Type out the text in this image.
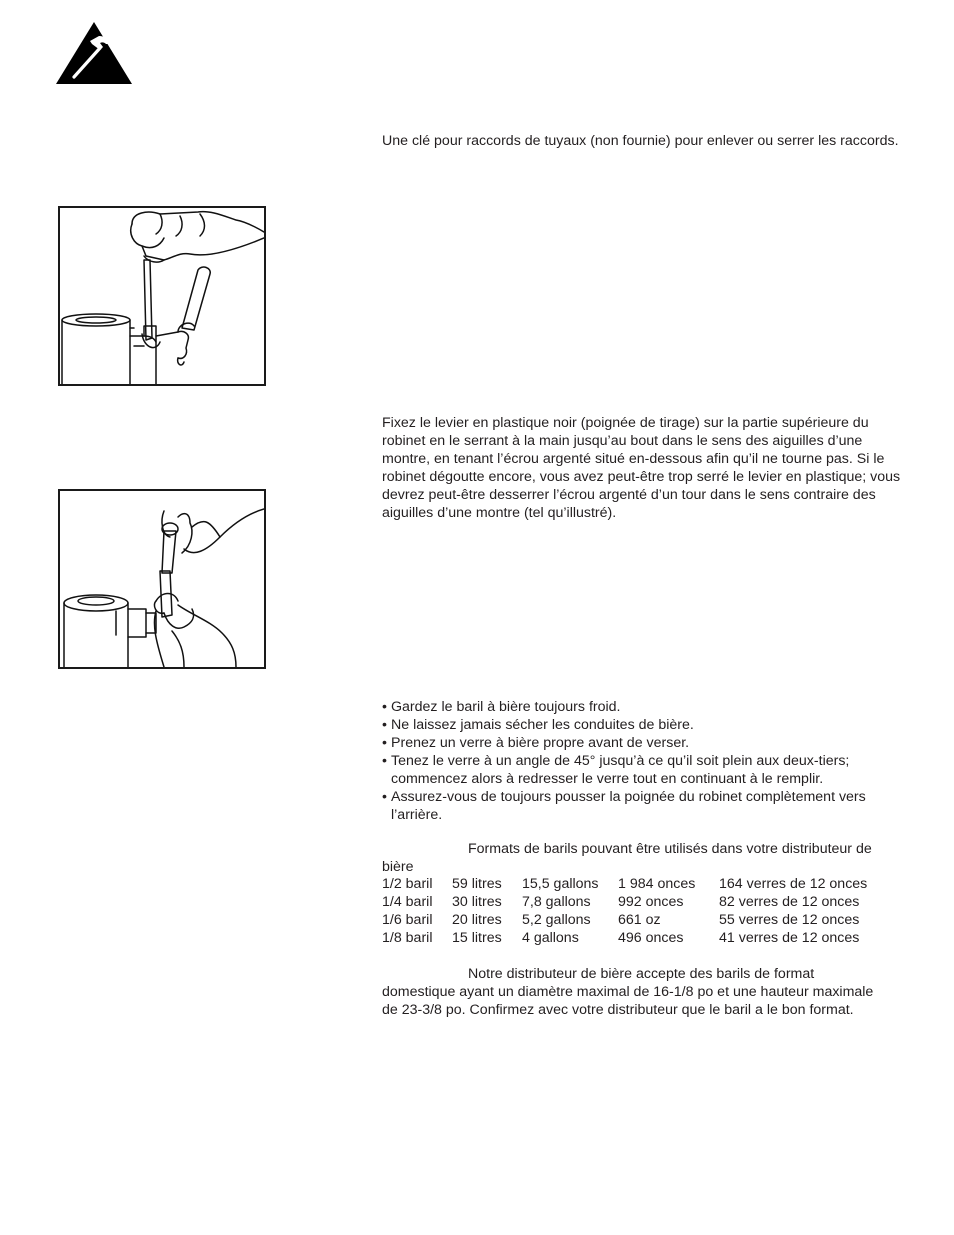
Une clé pour raccords de tuyaux (non fournie) pour enlever ou serrer les raccords.

Fixez le levier en plastique noir (poignée de tirage) sur la partie supérieure du robinet en le serrant à la main jusqu’au bout dans le sens des aiguilles d’une montre, en tenant l’écrou argenté situé en-dessous afin qu’il ne tourne pas. Si le robinet dégoutte encore, vous avez peut-être trop serré le levier en plastique; vous devrez peut-être desserrer l’écrou argenté d’un tour dans le sens contraire des aiguilles d’une montre (tel qu’illustré).

• Gardez le baril à bière toujours froid.
• Ne laissez jamais sécher les conduites de bière.
• Prenez un verre à bière propre avant de verser.
• Tenez le verre à un angle de 45° jusqu’à ce qu’il soit plein aux deux-tiers; commencez alors à redresser le verre tout en continuant à le remplir.
• Assurez-vous de toujours pousser la poignée du robinet complètement vers l’arrière.

Formats de barils pouvant être utilisés dans votre distributeur de
bière

1/2 baril	59 litres	15,5 gallons	1 984 onces	164 verres de 12 onces
1/4 baril	30 litres	7,8 gallons	992 onces	82 verres de 12 onces
1/6 baril	20 litres	5,2 gallons	661 oz	55 verres de 12 onces
1/8 baril	15 litres	4 gallons	496 onces	41 verres de 12 onces

Notre distributeur de bière accepte des barils de format
domestique ayant un diamètre maximal de 16-1/8 po et une hauteur maximale
de 23-3/8 po. Confirmez avec votre distributeur que le baril a le bon format.
